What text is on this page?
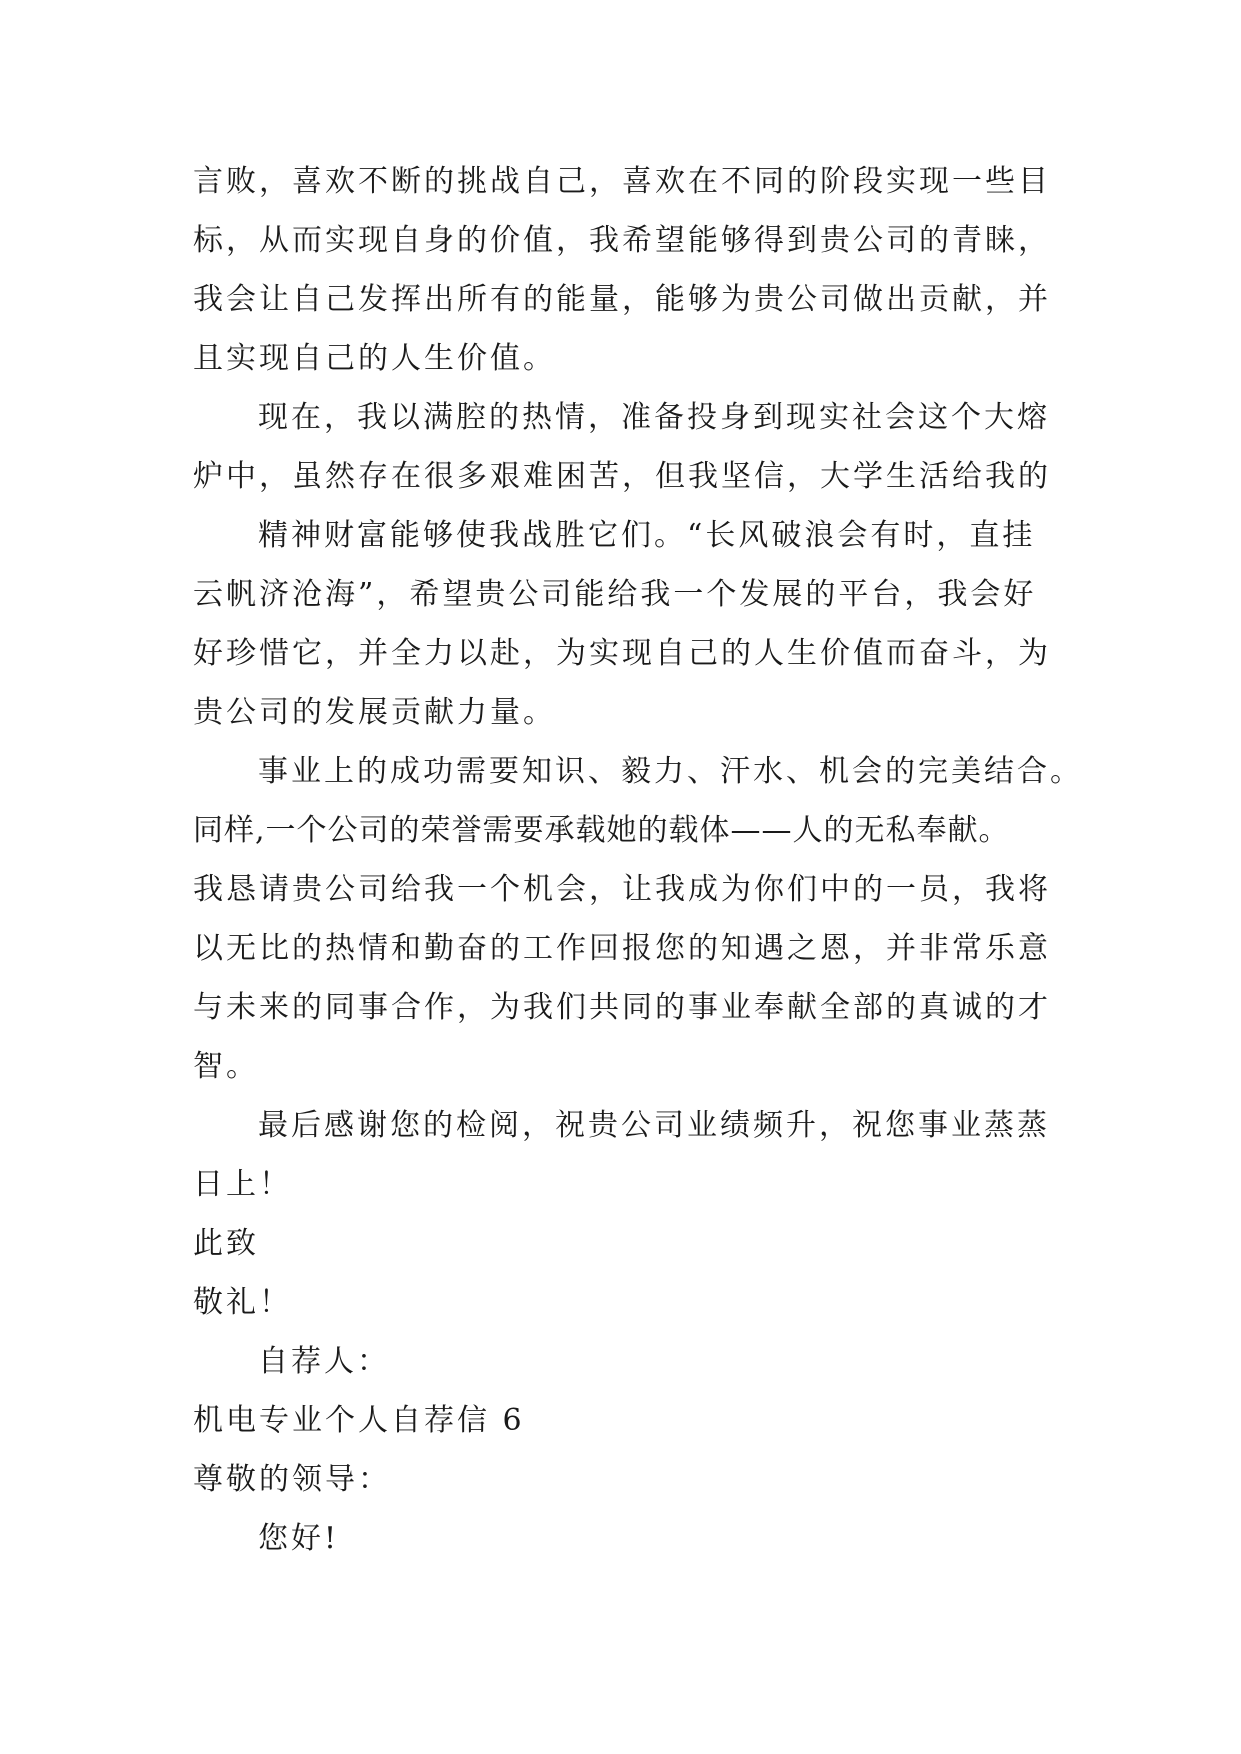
言败，喜欢不断的挑战自己，喜欢在不同的阶段实现一些目
标，从而实现自身的价值，我希望能够得到贵公司的青睐，
我会让自己发挥出所有的能量，能够为贵公司做出贡献，并
且实现自己的人生价值。
现在，我以满腔的热情，准备投身到现实社会这个大熔
炉中，虽然存在很多艰难困苦，但我坚信，大学生活给我的
精神财富能够使我战胜它们。“长风破浪会有时，直挂
云帆济沧海”，希望贵公司能给我一个发展的平台，我会好
好珍惜它，并全力以赴，为实现自己的人生价值而奋斗，为
贵公司的发展贡献力量。
事业上的成功需要知识、毅力、汗水、机会的完美结合。
同样,一个公司的荣誉需要承载她的载体——人的无私奉献。
我恳请贵公司给我一个机会，让我成为你们中的一员，我将
以无比的热情和勤奋的工作回报您的知遇之恩，并非常乐意
与未来的同事合作，为我们共同的事业奉献全部的真诚的才
智。
最后感谢您的检阅，祝贵公司业绩频升，祝您事业蒸蒸
日上！
此致
敬礼！
自荐人：
机电专业个人自荐信 6
尊敬的领导：
您好!
